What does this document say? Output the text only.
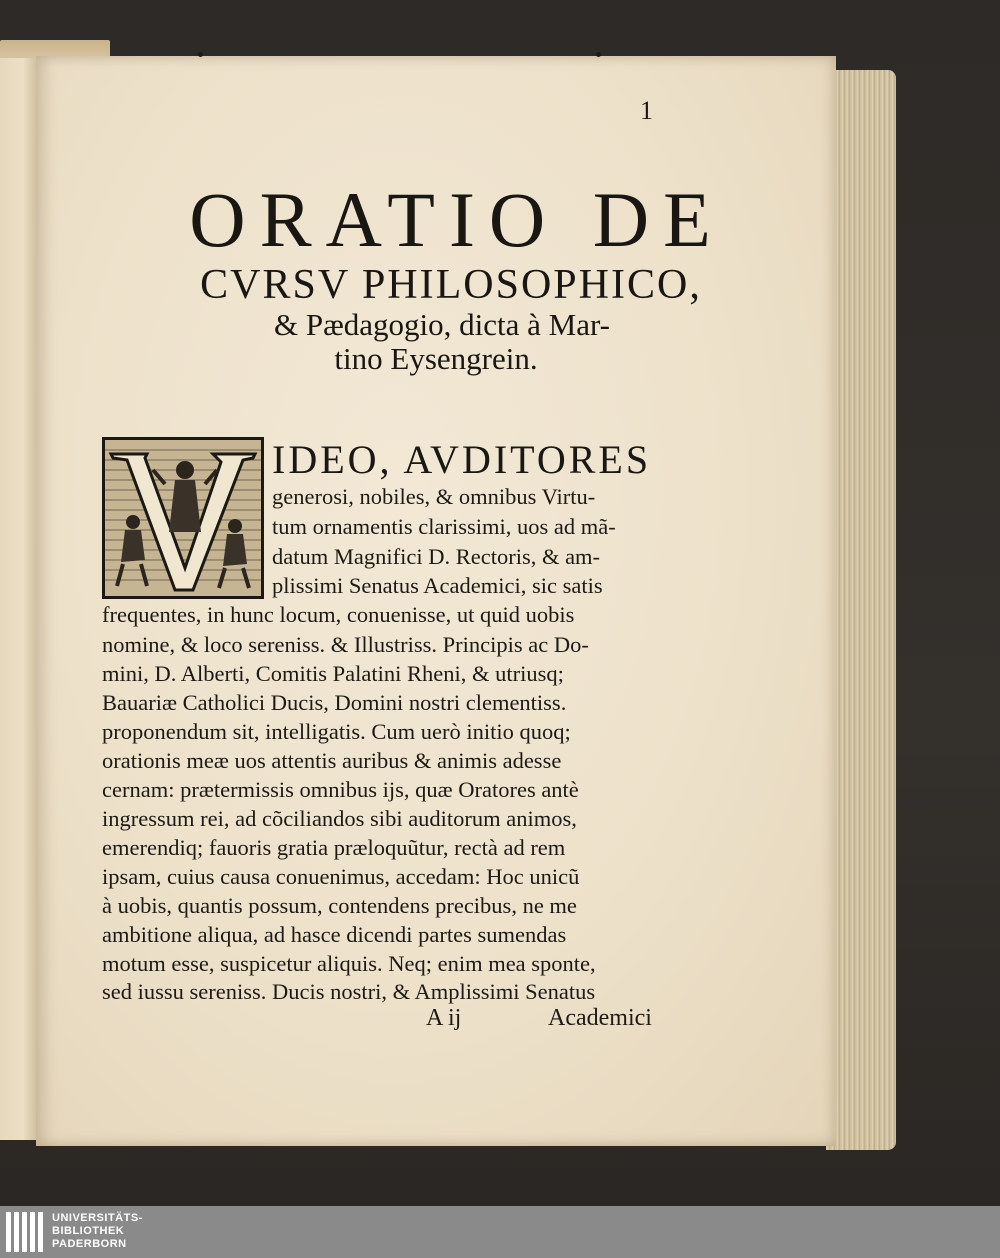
1
ORATIO DE
CVRSV PHILOSOPHICO,
& Pædagogio, dicta à Mar-
tino Eysengrein.
IDEO, AVDITORES
generosi, nobiles, & omnibus Virtu-
tum ornamentis clarissimi, uos ad mã-
datum Magnifici D. Rectoris, & am-
plissimi Senatus Academici, sic satis
frequentes, in hunc locum, conuenisse, ut quid uobis
nomine, & loco sereniss. & Illustriss. Principis ac Do-
mini, D. Alberti, Comitis Palatini Rheni, & utriusq;
Bauariæ Catholici Ducis, Domini nostri clementiss.
proponendum sit, intelligatis. Cum uerò initio quoq;
orationis meæ uos attentis auribus & animis adesse
cernam: prætermissis omnibus ijs, quæ Oratores antè
ingressum rei, ad cõciliandos sibi auditorum animos,
emerendiq; fauoris gratia præloquũtur, rectà ad rem
ipsam, cuius causa conuenimus, accedam: Hoc unicũ
à uobis, quantis possum, contendens precibus, ne me
ambitione aliqua, ad hasce dicendi partes sumendas
motum esse, suspicetur aliquis. Neq; enim mea sponte,
sed iussu sereniss. Ducis nostri, & Amplissimi Senatus
A ij	Academici
UNIVERSITÄTS-
BIBLIOTHEK
PADERBORN
